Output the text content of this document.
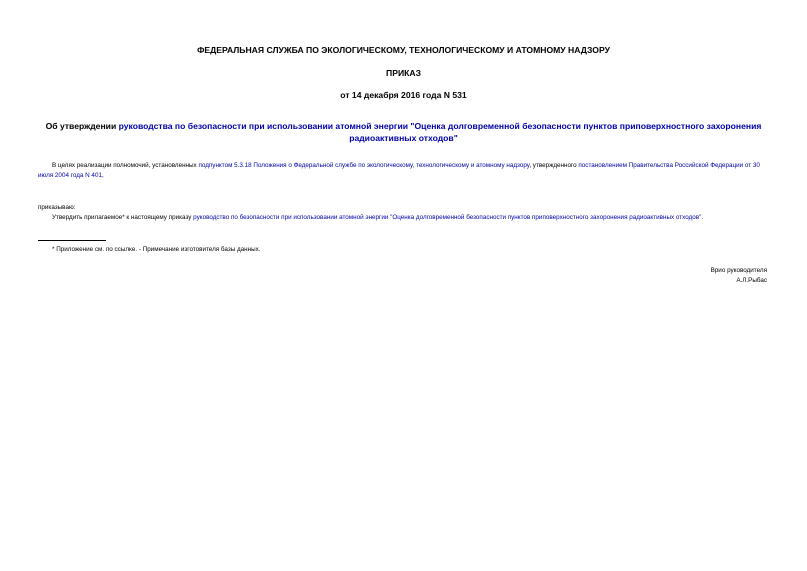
ФЕДЕРАЛЬНАЯ СЛУЖБА ПО ЭКОЛОГИЧЕСКОМУ, ТЕХНОЛОГИЧЕСКОМУ И АТОМНОМУ НАДЗОРУ
ПРИКАЗ
от 14 декабря 2016 года N 531
Об утверждении руководства по безопасности при использовании атомной энергии "Оценка долговременной безопасности пунктов приповерхностного захоронения радиоактивных отходов"
В целях реализации полномочий, установленных подпунктом 5.3.18 Положения о Федеральной службе по экологическому, технологическому и атомному надзору, утвержденного постановлением Правительства Российской Федерации от 30 июля 2004 года N 401,
приказываю:
Утвердить прилагаемое* к настоящему приказу руководство по безопасности при использовании атомной энергии "Оценка долговременной безопасности пунктов приповерхностного захоронения радиоактивных отходов".
* Приложение см. по ссылке. - Примечание изготовителя базы данных.
Врио руководителя
А.Л.Рыбас
